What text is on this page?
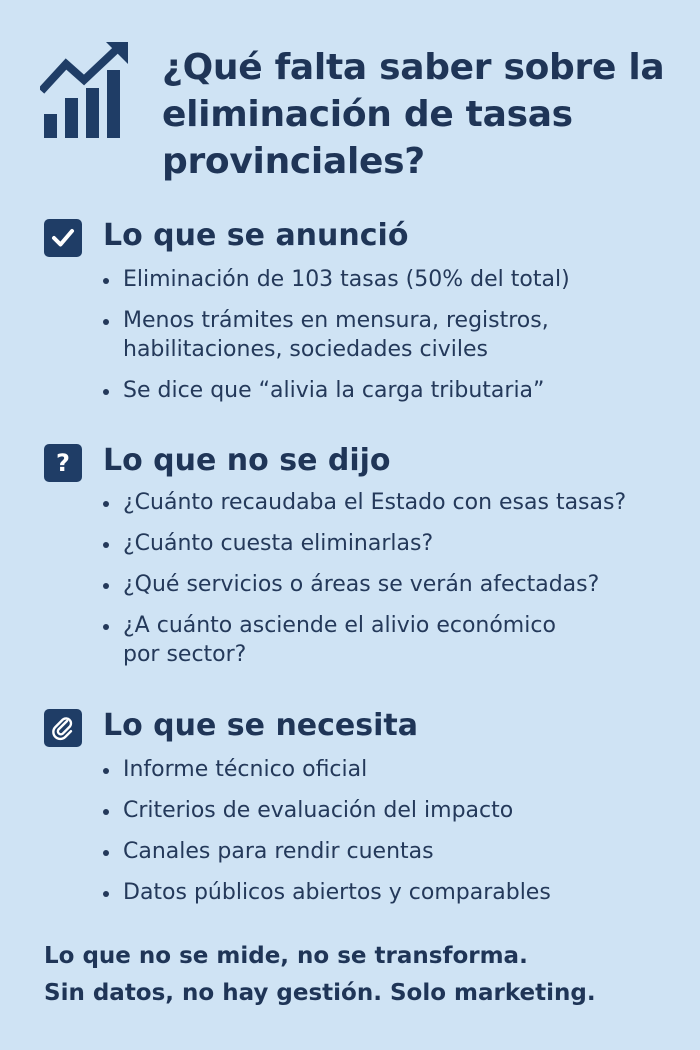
¿Qué falta saber sobre la eliminación de tasas provinciales?
Lo que se anunció
Eliminación de 103 tasas (50% del total)
Menos trámites en mensura, registros,
habilitaciones, sociedades civiles
Se dice que “alivia la carga tributaria”
? Lo que no se dijo
¿Cuánto recaudaba el Estado con esas tasas?
¿Cuánto cuesta eliminarlas?
¿Qué servicios o áreas se verán afectadas?
¿A cuánto asciende el alivio económico
por sector?
Lo que se necesita
Informe técnico oficial
Criterios de evaluación del impacto
Canales para rendir cuentas
Datos públicos abiertos y comparables

Lo que no se mide, no se transforma.
Sin datos, no hay gestión. Solo marketing.
